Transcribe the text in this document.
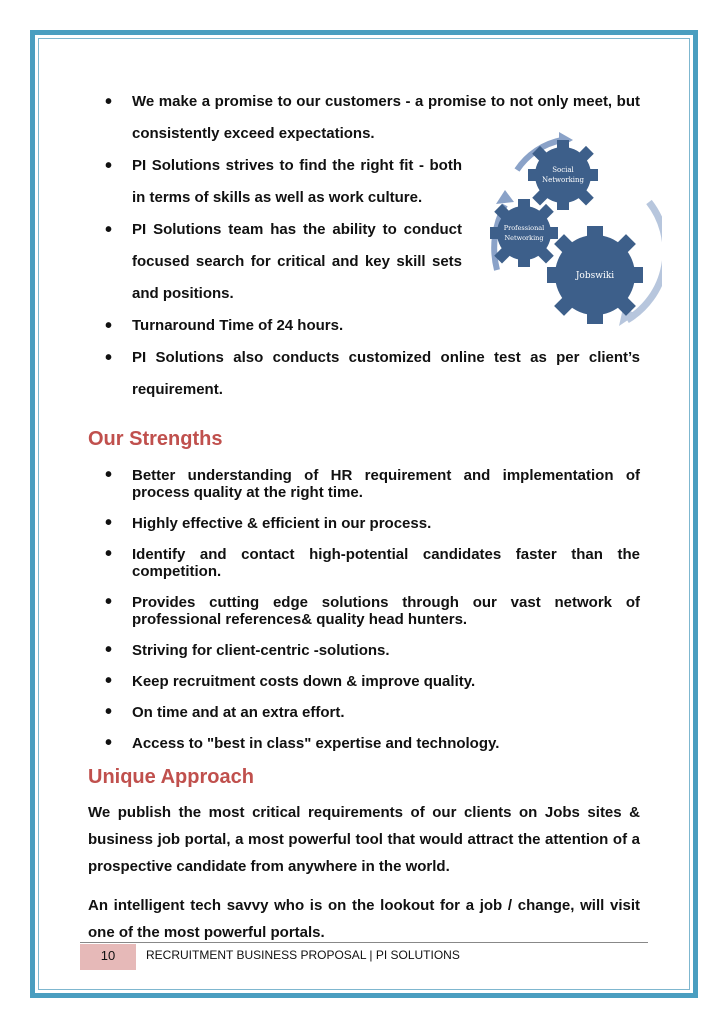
• We make a promise to our customers - a promise to not only meet, but consistently exceed expectations.
• PI Solutions strives to find the right fit - both in terms of skills as well as work culture.
• PI Solutions team has the ability to conduct focused search for critical and key skill sets and positions.
• Turnaround Time of 24 hours.
• PI Solutions also conducts customized online test as per client’s requirement.
Our Strengths
• Better understanding of HR requirement and implementation of process quality at the right time.
• Highly effective & efficient in our process.
• Identify and contact high-potential candidates faster than the competition.
• Provides cutting edge solutions through our vast network of professional references& quality head hunters.
• Striving for client-centric -solutions.
• Keep recruitment costs down & improve quality.
• On time and at an extra effort.
• Access to "best in class" expertise and technology.
Unique Approach

We publish the most critical requirements of our clients on Jobs sites & business job portal, a most powerful tool that would attract the attention of a prospective candidate from anywhere in the world.

An intelligent tech savvy who is on the lookout for a job / change, will visit one of the most powerful portals.

Social
Networking
Professional
Networking
Jobswiki
10	RECRUITMENT BUSINESS PROPOSAL | PI SOLUTIONS
